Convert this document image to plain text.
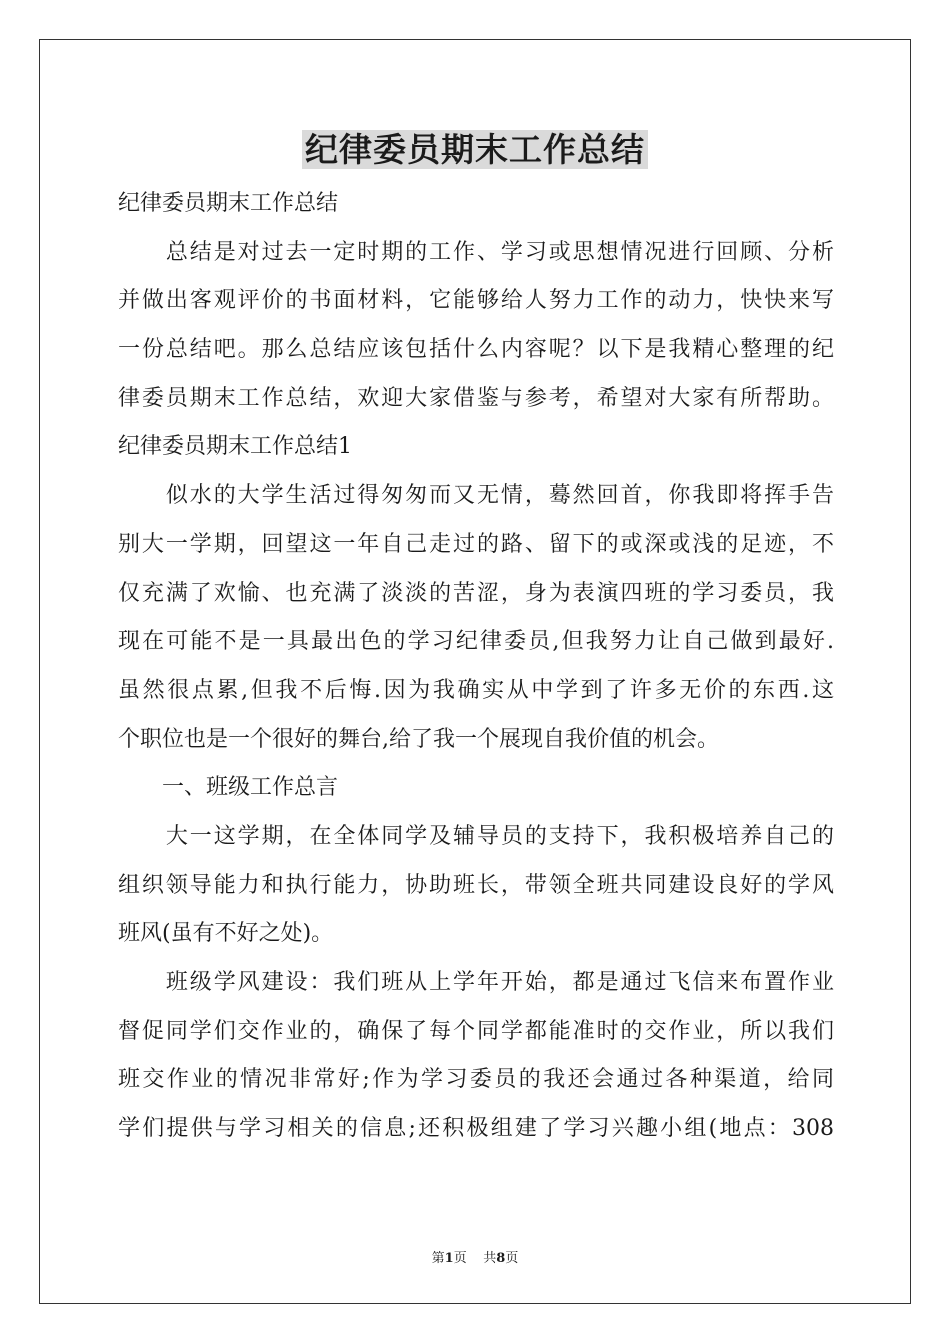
纪律委员期末工作总结
纪律委员期末工作总结
　　总结是对过去一定时期的工作、学习或思想情况进行回顾、分析
并做出客观评价的书面材料，它能够给人努力工作的动力，快快来写
一份总结吧。那么总结应该包括什么内容呢？以下是我精心整理的纪
律委员期末工作总结，欢迎大家借鉴与参考，希望对大家有所帮助。
纪律委员期末工作总结1
　　似水的大学生活过得匆匆而又无情，蓦然回首，你我即将挥手告
别大一学期，回望这一年自己走过的路、留下的或深或浅的足迹，不
仅充满了欢愉、也充满了淡淡的苦涩，身为表演四班的学习委员，我
现在可能不是一具最出色的学习纪律委员,但我努力让自己做到最好.
虽然很点累,但我不后悔.因为我确实从中学到了许多无价的东西.这
个职位也是一个很好的舞台,给了我一个展现自我价值的机会。
　　一、班级工作总言
　　大一这学期，在全体同学及辅导员的支持下，我积极培养自己的
组织领导能力和执行能力，协助班长，带领全班共同建设良好的学风
班风(虽有不好之处)。
　　班级学风建设：我们班从上学年开始，都是通过飞信来布置作业
督促同学们交作业的，确保了每个同学都能准时的交作业，所以我们
班交作业的情况非常好;作为学习委员的我还会通过各种渠道，给同
学们提供与学习相关的信息;还积极组建了学习兴趣小组(地点：308
第1页 共8页
